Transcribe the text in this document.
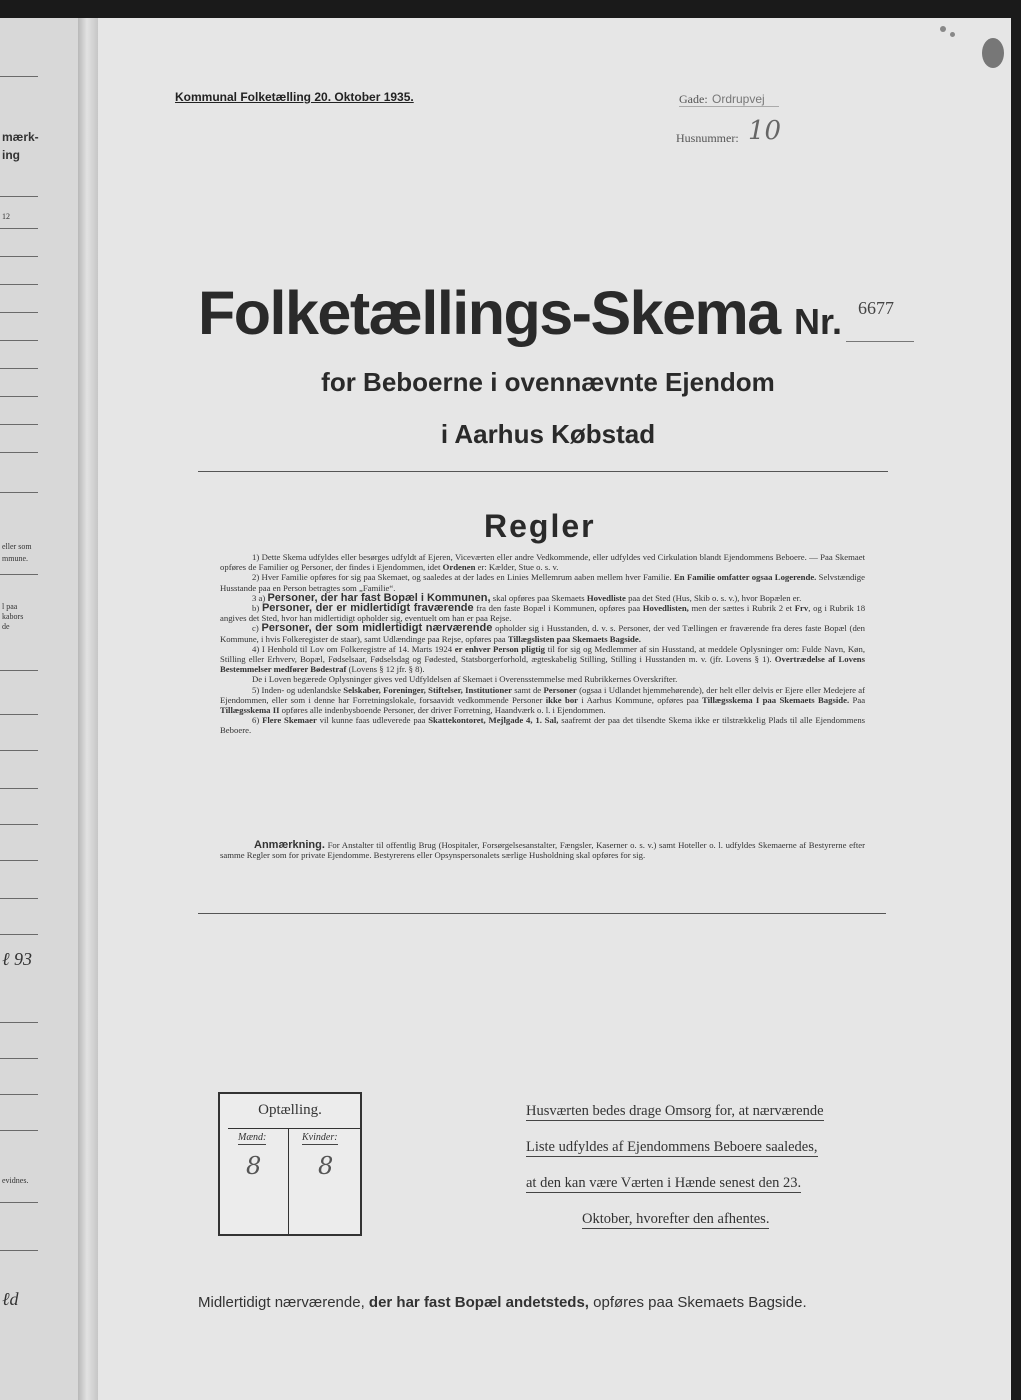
mærk-
ing
12
eller som
mmune.
l paa
kabors
de
ℓ 93
evidnes.
ℓd
Kommunal Folketælling 20. Oktober 1935.	Gade: Ordrupvej
Husnummer: 10
Folketællings-Skema Nr. 6677
for Beboerne i ovennævnte Ejendom
i Aarhus Købstad
Regler

1) Dette Skema udfyldes eller besørges udfyldt af Ejeren, Viceværten eller andre Vedkommende, eller udfyldes ved Cirkulation blandt Ejendommens Beboere. — Paa Skemaet opføres de Familier og Personer, der findes i Ejendommen, idet Ordenen er: Kælder, Stue o. s. v.

2) Hver Familie opføres for sig paa Skemaet, og saaledes at der lades en Linies Mellemrum aaben mellem hver Familie. En Familie omfatter ogsaa Logerende. Selvstændige Husstande paa en Person betragtes som „Familie“.

3 a) Personer, der har fast Bopæl i Kommunen, skal opføres paa Skemaets Hovedliste paa det Sted (Hus, Skib o. s. v.), hvor Bopælen er.

b) Personer, der er midlertidigt fraværende fra den faste Bopæl i Kommunen, opføres paa Hovedlisten, men der sættes i Rubrik 2 et Frv, og i Rubrik 18 angives det Sted, hvor han midlertidigt opholder sig, eventuelt om han er paa Rejse.

c) Personer, der som midlertidigt nærværende opholder sig i Husstanden, d. v. s. Personer, der ved Tællingen er fraværende fra deres faste Bopæl (den Kommune, i hvis Folkeregister de staar), samt Udlændinge paa Rejse, opføres paa Tillægslisten paa Skemaets Bagside.

4) I Henhold til Lov om Folkeregistre af 14. Marts 1924 er enhver Person pligtig til for sig og Medlemmer af sin Husstand, at meddele Oplysninger om: Fulde Navn, Køn, Stilling eller Erhverv, Bopæl, Fødselsaar, Fødselsdag og Fødested, Statsborgerforhold, ægteskabelig Stilling, Stilling i Husstanden m. v. (jfr. Lovens § 1). Overtrædelse af Lovens Bestemmelser medfører Bødestraf (Lovens § 12 jfr. § 8).

De i Loven begærede Oplysninger gives ved Udfyldelsen af Skemaet i Overensstemmelse med Rubrikkernes Overskrifter.

5) Inden- og udenlandske Selskaber, Foreninger, Stiftelser, Institutioner samt de Personer (ogsaa i Udlandet hjemmehørende), der helt eller delvis er Ejere eller Medejere af Ejendommen, eller som i denne har Forretningslokale, forsaavidt vedkommende Personer ikke bor i Aarhus Kommune, opføres paa Tillægsskema I paa Skemaets Bagside. Paa Tillægsskema II opføres alle indenbysboende Personer, der driver Forretning, Haandværk o. l. i Ejendommen.

6) Flere Skemaer vil kunne faas udleverede paa Skattekontoret, Mejlgade 4, 1. Sal, saafremt der paa det tilsendte Skema ikke er tilstrækkelig Plads til alle Ejendommens Beboere.

Anmærkning. For Anstalter til offentlig Brug (Hospitaler, Forsørgelsesanstalter, Fængsler, Kaserner o. s. v.) samt Hoteller o. l. udfyldes Skemaerne af Bestyrerne efter samme Regler som for private Ejendomme. Bestyrerens eller Opsynspersonalets særlige Husholdning skal opføres for sig.

Optælling.
Mænd:	Kvinder:
8 8
Husværten bedes drage Omsorg for, at nærværende
Liste udfyldes af Ejendommens Beboere saaledes,
at den kan være Værten i Hænde senest den 23.
Oktober, hvorefter den afhentes.
Midlertidigt nærværende, der har fast Bopæl andetsteds, opføres paa Skemaets Bagside.
